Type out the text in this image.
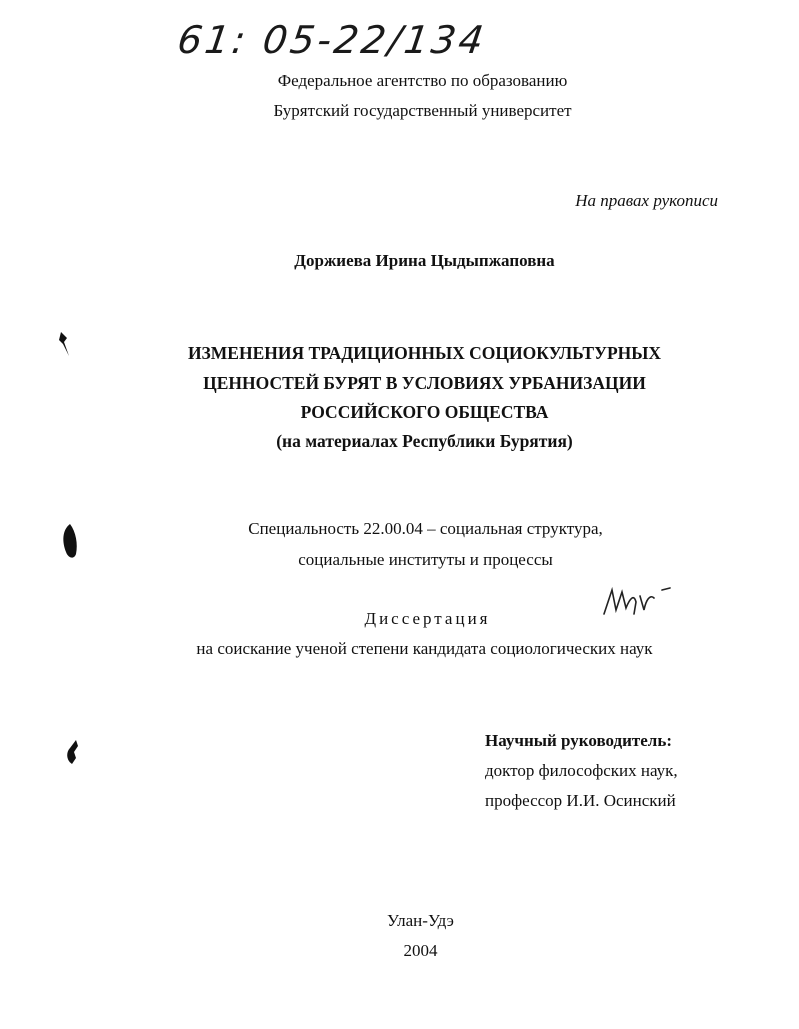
61: 05-22/134
Федеральное агентство по образованию
Бурятский государственный университет
На правах рукописи
Доржиева Ирина Цыдыпжаповна
ИЗМЕНЕНИЯ ТРАДИЦИОННЫХ СОЦИОКУЛЬТУРНЫХ
ЦЕННОСТЕЙ БУРЯТ В УСЛОВИЯХ УРБАНИЗАЦИИ
РОССИЙСКОГО ОБЩЕСТВА
(на материалах Республики Бурятия)
Специальность 22.00.04 – социальная структура,
социальные институты и процессы
Диссертация
на соискание ученой степени кандидата социологических наук
Научный руководитель:
доктор философских наук,
профессор И.И. Осинский
Улан-Удэ
2004
